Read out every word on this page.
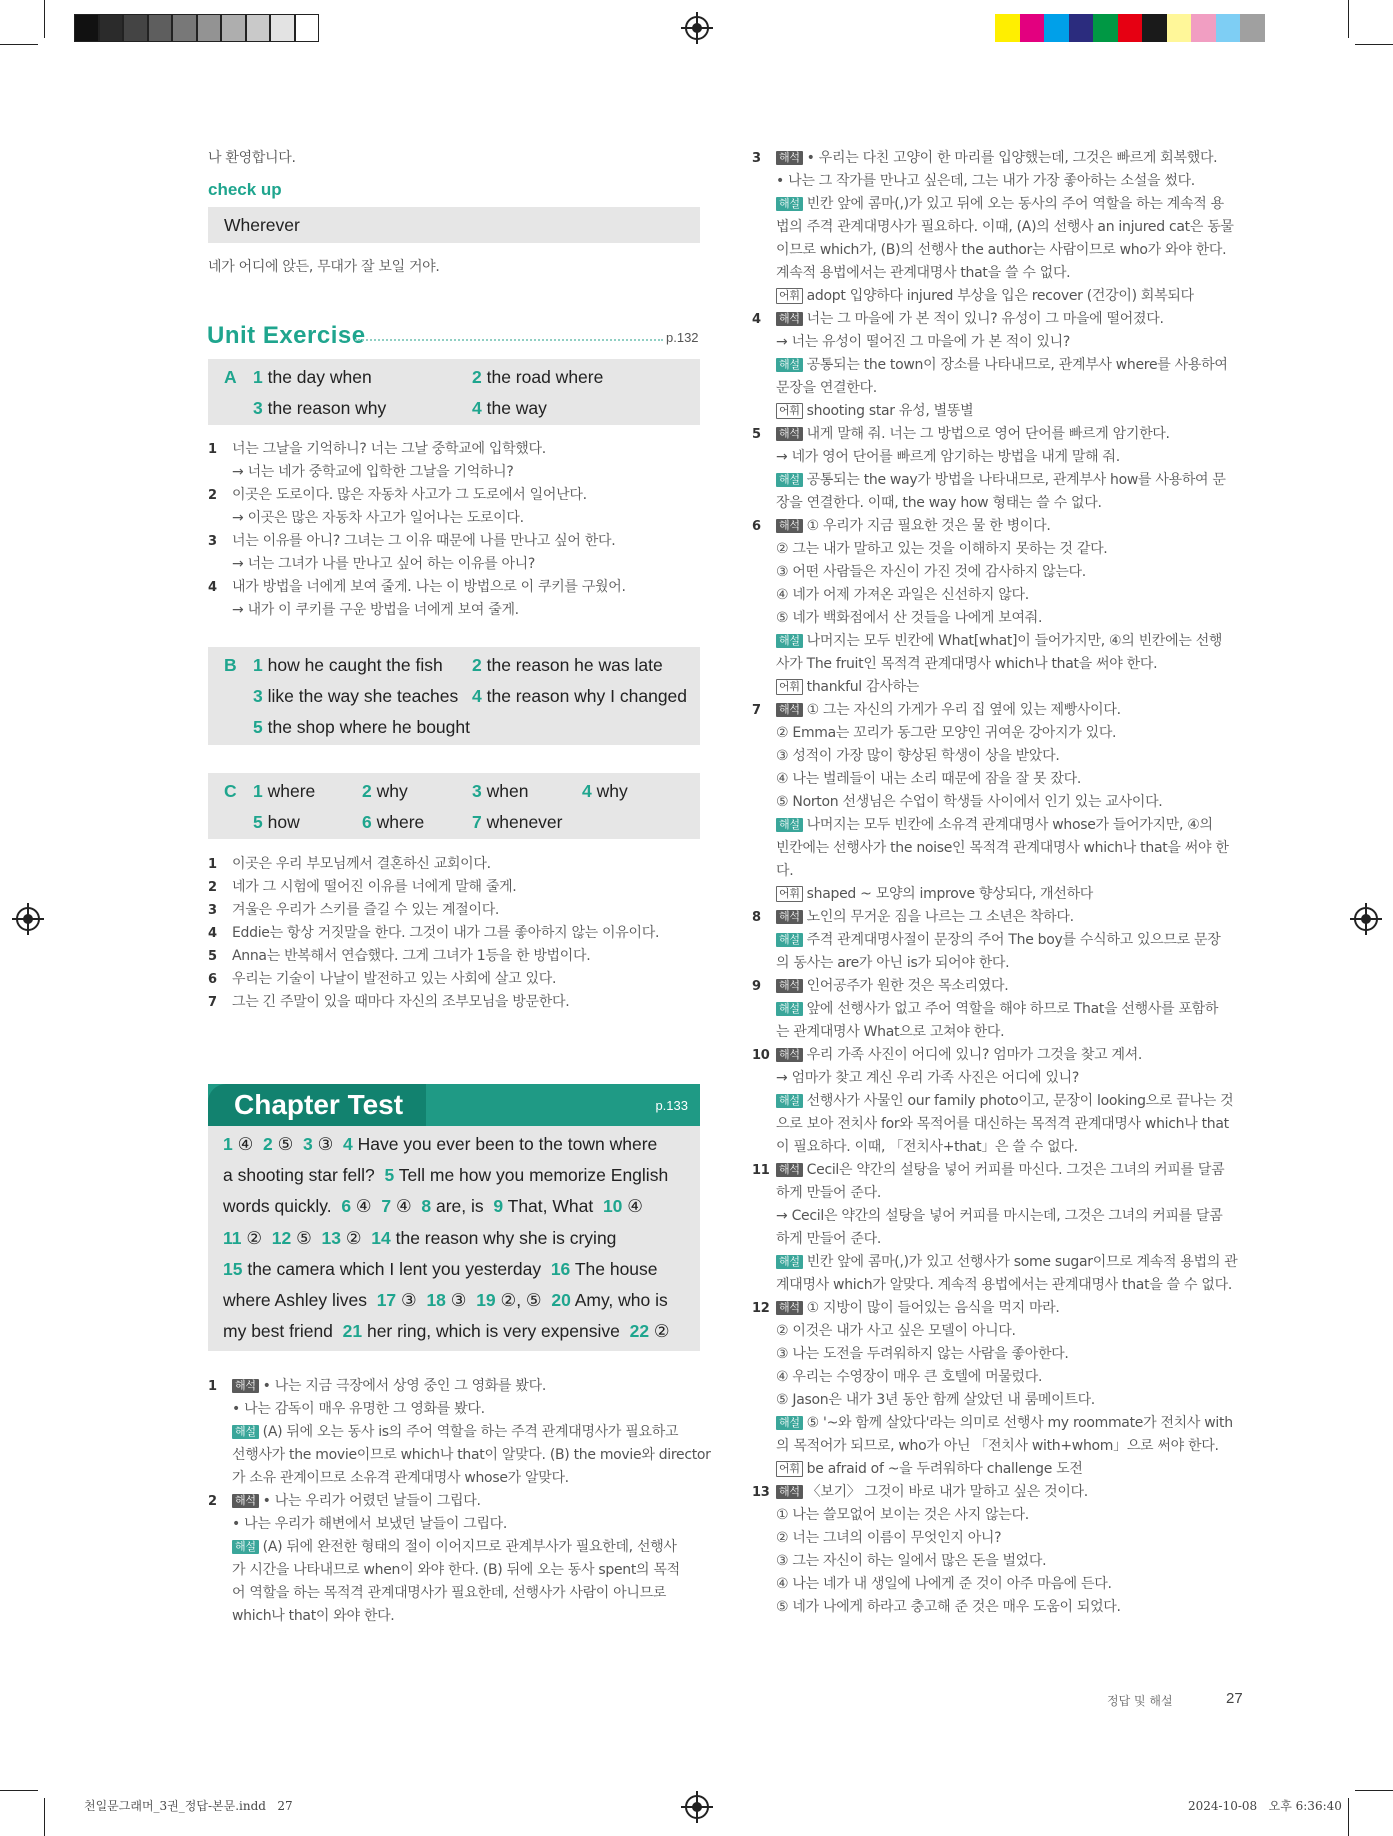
천일문그래머_3권_정답-본문.indd   27	2024-10-08   오후 6:36:40
나 환영합니다.
check up
Wherever
네가 어디에 앉든, 무대가 잘 보일 거야.
Unit Exercise	p.132
A 1 the day when	2 the road where
3 the reason why	4 the way
1 너는 그날을 기억하니? 너는 그날 중학교에 입학했다.
→ 너는 네가 중학교에 입학한 그날을 기억하니?
2 이곳은 도로이다. 많은 자동차 사고가 그 도로에서 일어난다.
→ 이곳은 많은 자동차 사고가 일어나는 도로이다.
3 너는 이유를 아니? 그녀는 그 이유 때문에 나를 만나고 싶어 한다.
→ 너는 그녀가 나를 만나고 싶어 하는 이유를 아니?
4 내가 방법을 너에게 보여 줄게. 나는 이 방법으로 이 쿠키를 구웠어.
→ 내가 이 쿠키를 구운 방법을 너에게 보여 줄게.
B 1 how he caught the fish 2 the reason he was late
3 like the way she teaches 4 the reason why I changed
5 the shop where he bought
C 1 where	2 why	3 when	4 why
5 how	6 where	7 whenever
1 이곳은 우리 부모님께서 결혼하신 교회이다.
2 네가 그 시험에 떨어진 이유를 너에게 말해 줄게.
3 겨울은 우리가 스키를 즐길 수 있는 계절이다.
4 Eddie는 항상 거짓말을 한다. 그것이 내가 그를 좋아하지 않는 이유이다.
5 Anna는 반복해서 연습했다. 그게 그녀가 1등을 한 방법이다.
6 우리는 기술이 나날이 발전하고 있는 사회에 살고 있다.
7 그는 긴 주말이 있을 때마다 자신의 조부모님을 방문한다.
Chapter Test	p.133
1 ④  2 ⑤  3 ③  4 Have you ever been to the town where
a shooting star fell?  5 Tell me how you memorize English
words quickly.  6 ④  7 ④  8 are, is  9 That, What  10 ④
11 ②  12 ⑤  13 ②  14 the reason why she is crying
15 the camera which I lent you yesterday  16 The house
where Ashley lives  17 ③  18 ③  19 ②, ⑤  20 Amy, who is
my best friend  21 her ring, which is very expensive  22 ②
1 해석 • 나는 지금 극장에서 상영 중인 그 영화를 봤다.
• 나는 감독이 매우 유명한 그 영화를 봤다.
해설 (A) 뒤에 오는 동사 is의 주어 역할을 하는 주격 관계대명사가 필요하고
선행사가 the movie이므로 which나 that이 알맞다. (B) the movie와 director
가 소유 관계이므로 소유격 관계대명사 whose가 알맞다.
2 해석 • 나는 우리가 어렸던 날들이 그립다.
• 나는 우리가 해변에서 보냈던 날들이 그립다.
해설 (A) 뒤에 완전한 형태의 절이 이어지므로 관계부사가 필요한데, 선행사
가 시간을 나타내므로 when이 와야 한다. (B) 뒤에 오는 동사 spent의 목적
어 역할을 하는 목적격 관계대명사가 필요한데, 선행사가 사람이 아니므로
which나 that이 와야 한다.
3 해석 • 우리는 다친 고양이 한 마리를 입양했는데, 그것은 빠르게 회복했다.
• 나는 그 작가를 만나고 싶은데, 그는 내가 가장 좋아하는 소설을 썼다.
해설 빈칸 앞에 콤마(,)가 있고 뒤에 오는 동사의 주어 역할을 하는 계속적 용
법의 주격 관계대명사가 필요하다. 이때, (A)의 선행사 an injured cat은 동물
이므로 which가, (B)의 선행사 the author는 사람이므로 who가 와야 한다.
계속적 용법에서는 관계대명사 that을 쓸 수 없다.
어휘 adopt 입양하다 injured 부상을 입은 recover (건강이) 회복되다
4 해석 너는 그 마을에 가 본 적이 있니? 유성이 그 마을에 떨어졌다.
→ 너는 유성이 떨어진 그 마을에 가 본 적이 있니?
해설 공통되는 the town이 장소를 나타내므로, 관계부사 where를 사용하여
문장을 연결한다.
어휘 shooting star 유성, 별똥별
5 해석 내게 말해 줘. 너는 그 방법으로 영어 단어를 빠르게 암기한다.
→ 네가 영어 단어를 빠르게 암기하는 방법을 내게 말해 줘.
해설 공통되는 the way가 방법을 나타내므로, 관계부사 how를 사용하여 문
장을 연결한다. 이때, the way how 형태는 쓸 수 없다.
6 해석 ① 우리가 지금 필요한 것은 물 한 병이다.
② 그는 내가 말하고 있는 것을 이해하지 못하는 것 같다.
③ 어떤 사람들은 자신이 가진 것에 감사하지 않는다.
④ 네가 어제 가져온 과일은 신선하지 않다.
⑤ 네가 백화점에서 산 것들을 나에게 보여줘.
해설 나머지는 모두 빈칸에 What[what]이 들어가지만, ④의 빈칸에는 선행
사가 The fruit인 목적격 관계대명사 which나 that을 써야 한다.
어휘 thankful 감사하는
7 해석 ① 그는 자신의 가게가 우리 집 옆에 있는 제빵사이다.
② Emma는 꼬리가 동그란 모양인 귀여운 강아지가 있다.
③ 성적이 가장 많이 향상된 학생이 상을 받았다.
④ 나는 벌레들이 내는 소리 때문에 잠을 잘 못 잤다.
⑤ Norton 선생님은 수업이 학생들 사이에서 인기 있는 교사이다.
해설 나머지는 모두 빈칸에 소유격 관계대명사 whose가 들어가지만, ④의
빈칸에는 선행사가 the noise인 목적격 관계대명사 which나 that을 써야 한
다.
어휘 shaped ~ 모양의 improve 향상되다, 개선하다
8 해석 노인의 무거운 짐을 나르는 그 소년은 착하다.
해설 주격 관계대명사절이 문장의 주어 The boy를 수식하고 있으므로 문장
의 동사는 are가 아닌 is가 되어야 한다.
9 해석 인어공주가 원한 것은 목소리였다.
해설 앞에 선행사가 없고 주어 역할을 해야 하므로 That을 선행사를 포함하
는 관계대명사 What으로 고쳐야 한다.
10 해석 우리 가족 사진이 어디에 있니? 엄마가 그것을 찾고 계셔.
→ 엄마가 찾고 계신 우리 가족 사진은 어디에 있니?
해설 선행사가 사물인 our family photo이고, 문장이 looking으로 끝나는 것
으로 보아 전치사 for와 목적어를 대신하는 목적격 관계대명사 which나 that
이 필요하다. 이때, 「전치사+that」은 쓸 수 없다.
11 해석 Cecil은 약간의 설탕을 넣어 커피를 마신다. 그것은 그녀의 커피를 달콤
하게 만들어 준다.
→ Cecil은 약간의 설탕을 넣어 커피를 마시는데, 그것은 그녀의 커피를 달콤
하게 만들어 준다.
해설 빈칸 앞에 콤마(,)가 있고 선행사가 some sugar이므로 계속적 용법의 관
계대명사 which가 알맞다. 계속적 용법에서는 관계대명사 that을 쓸 수 없다.
12 해석 ① 지방이 많이 들어있는 음식을 먹지 마라.
② 이것은 내가 사고 싶은 모델이 아니다.
③ 나는 도전을 두려워하지 않는 사람을 좋아한다.
④ 우리는 수영장이 매우 큰 호텔에 머물렀다.
⑤ Jason은 내가 3년 동안 함께 살았던 내 룸메이트다.
해설 ⑤ '~와 함께 살았다'라는 의미로 선행사 my roommate가 전치사 with
의 목적어가 되므로, who가 아닌 「전치사 with+whom」으로 써야 한다.
어휘 be afraid of ~을 두려워하다 challenge 도전
13 해석 〈보기〉 그것이 바로 내가 말하고 싶은 것이다.
① 나는 쓸모없어 보이는 것은 사지 않는다.
② 너는 그녀의 이름이 무엇인지 아니?
③ 그는 자신이 하는 일에서 많은 돈을 벌었다.
④ 나는 네가 내 생일에 나에게 준 것이 아주 마음에 든다.
⑤ 네가 나에게 하라고 충고해 준 것은 매우 도움이 되었다.
정답 및 해설	27
